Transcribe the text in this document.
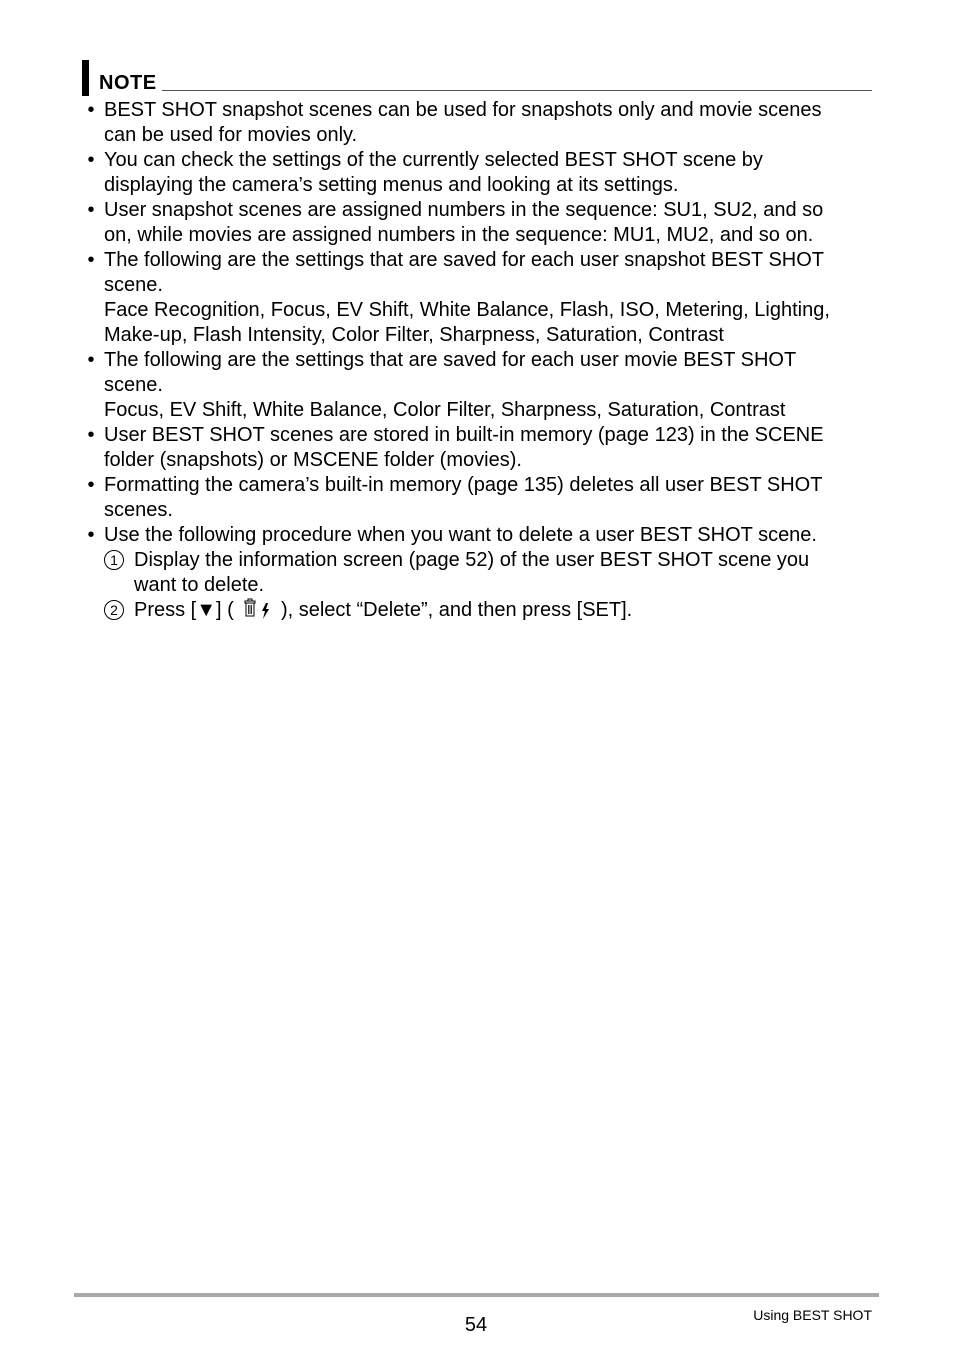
NOTE
• BEST SHOT snapshot scenes can be used for snapshots only and movie scenes
can be used for movies only.
• You can check the settings of the currently selected BEST SHOT scene by
displaying the camera’s setting menus and looking at its settings.
• User snapshot scenes are assigned numbers in the sequence: SU1, SU2, and so
on, while movies are assigned numbers in the sequence: MU1, MU2, and so on.
• The following are the settings that are saved for each user snapshot BEST SHOT
scene.
Face Recognition, Focus, EV Shift, White Balance, Flash, ISO, Metering, Lighting,
Make-up, Flash Intensity, Color Filter, Sharpness, Saturation, Contrast
• The following are the settings that are saved for each user movie BEST SHOT
scene.
Focus, EV Shift, White Balance, Color Filter, Sharpness, Saturation, Contrast
• User BEST SHOT scenes are stored in built-in memory (page 123) in the SCENE
folder (snapshots) or MSCENE folder (movies).
• Formatting the camera’s built-in memory (page 135) deletes all user BEST SHOT
scenes.
• Use the following procedure when you want to delete a user BEST SHOT scene.
1 Display the information screen (page 52) of the user BEST SHOT scene you
want to delete.
2 Press [▼] ( ), select “Delete”, and then press [SET].
54	Using BEST SHOT
